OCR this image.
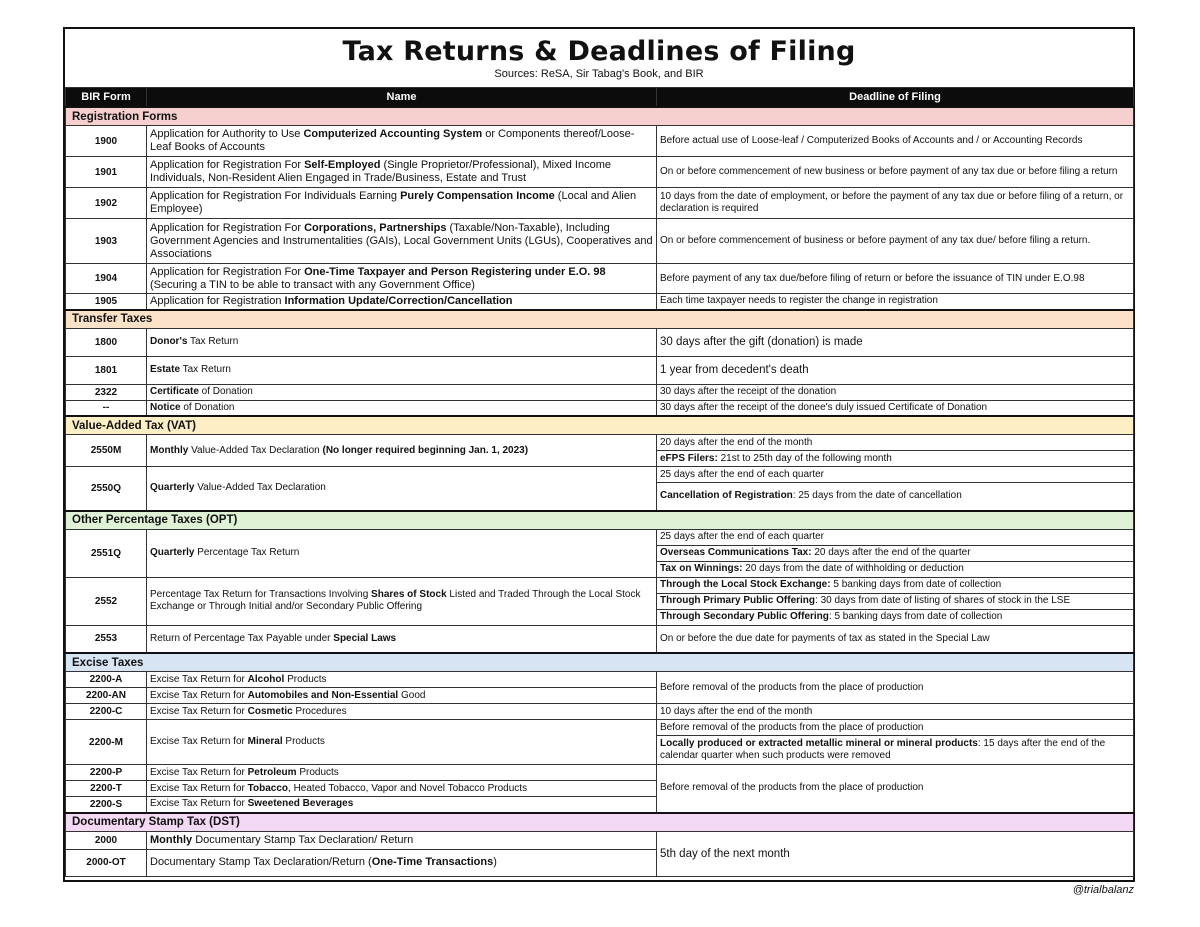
Tax Returns & Deadlines of Filing
Sources: ReSA, Sir Tabag's Book, and BIR
BIR Form	Name	Deadline of Filing
Registration Forms		
1900	Application for Authority to Use Computerized Accounting System or Components thereof/Loose-Leaf Books of Accounts	Before actual use of Loose-leaf / Computerized Books of Accounts and / or Accounting Records
1901	Application for Registration For Self-Employed (Single Proprietor/Professional), Mixed Income Individuals, Non-Resident Alien Engaged in Trade/Business, Estate and Trust	On or before commencement of new business or before payment of any tax due or before filing a return
1902	Application for Registration For Individuals Earning Purely Compensation Income (Local and Alien Employee)	10 days from the date of employment, or before the payment of any tax due or before filing of a return, or declaration is required
1903	Application for Registration For Corporations, Partnerships (Taxable/Non-Taxable), Including Government Agencies and Instrumentalities (GAIs), Local Government Units (LGUs), Cooperatives and Associations	On or before commencement of business or before payment of any tax due/ before filing a return.
1904	Application for Registration For One-Time Taxpayer and Person Registering under E.O. 98 (Securing a TIN to be able to transact with any Government Office)	Before payment of any tax due/before filing of return or before the issuance of TIN under E.O.98
1905	Application for Registration Information Update/Correction/Cancellation	Each time taxpayer needs to register the change in registration
Transfer Taxes		
1800	Donor's Tax Return	30 days after the gift (donation) is made
1801	Estate Tax Return	1 year from decedent's death
2322	Certificate of Donation	30 days after the receipt of the donation
--	Notice of Donation	30 days after the receipt of the donee's duly issued Certificate of Donation
Value-Added Tax (VAT)		
2550M	Monthly Value-Added Tax Declaration (No longer required beginning Jan. 1, 2023)	20 days after the end of the month
		eFPS Filers: 21st to 25th day of the following month
2550Q	Quarterly Value-Added Tax Declaration	25 days after the end of each quarter
		Cancellation of Registration: 25 days from the date of cancellation
Other Percentage Taxes (OPT)		
2551Q	Quarterly Percentage Tax Return	25 days after the end of each quarter
		Overseas Communications Tax: 20 days after the end of the quarter
		Tax on Winnings: 20 days from the date of withholding or deduction
2552	Percentage Tax Return for Transactions Involving Shares of Stock Listed and Traded Through the Local Stock Exchange or Through Initial and/or Secondary Public Offering	Through the Local Stock Exchange: 5 banking days from date of collection
		Through Primary Public Offering: 30 days from date of listing of shares of stock in the LSE
		Through Secondary Public Offering: 5 banking days from date of collection
2553	Return of Percentage Tax Payable under Special Laws	On or before the due date for payments of tax as stated in the Special Law
Excise Taxes		
2200-A	Excise Tax Return for Alcohol Products	Before removal of the products from the place of production
2200-AN	Excise Tax Return for Automobiles and Non-Essential Good	
2200-C	Excise Tax Return for Cosmetic Procedures	10 days after the end of the month
2200-M	Excise Tax Return for Mineral Products	Before removal of the products from the place of production
		Locally produced or extracted metallic mineral or mineral products: 15 days after the end of the calendar quarter when such products were removed
2200-P	Excise Tax Return for Petroleum Products	Before removal of the products from the place of production
2200-T	Excise Tax Return for Tobacco, Heated Tobacco, Vapor and Novel Tobacco Products	
2200-S	Excise Tax Return for Sweetened Beverages	
Documentary Stamp Tax (DST)		
2000	Monthly Documentary Stamp Tax Declaration/ Return	5th day of the next month
2000-OT	Documentary Stamp Tax Declaration/Return (One-Time Transactions)	
@trialbalanz
